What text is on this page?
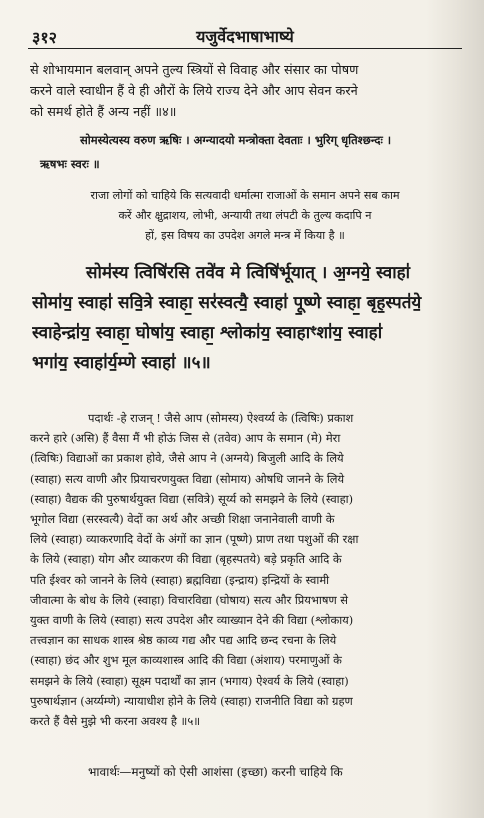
३१२	यजुर्वेदभाषाभाष्ये
से शोभायमान बलवान् अपने तुल्य स्त्रियों से विवाह और संसार का पोषण
करने वाले स्वाधीन हैं वे ही औरों के लिये राज्य देने और आप सेवन करने
को समर्थ होते हैं अन्य नहीं ॥४॥
सोमस्येत्यस्य वरुण ऋषिः । अग्न्यादयो मन्त्रोक्ता देवताः । भुरिग् धृतिश्छन्दः ।
ऋषभः स्वरः ॥
राजा लोगों को चाहिये कि सत्यवादी धर्मात्मा राजाओं के समान अपने सब काम
करें और क्षुद्राशय, लोभी, अन्यायी तथा लंपटी के तुल्य कदापि न
हों, इस विषय का उपदेश अगले मन्त्र में किया है ॥
सोम॑स्य त्विषि॑रसि तवे॑व मे त्विषि॑र्भूयात् । अ॒ग्नये॒ स्वाहा॑
सोमा॑य॒ स्वाहा॑ सवि॒त्रे स्वाहा॒ सर॑स्वत्यै॒ स्वाहा॑ पू॒ष्णे स्वाहा॒ बृह॒स्पत॑ये॒
स्वाहेन्द्रा॑य॒ स्वाहा॒ घोषा॑य॒ स्वाहा॒ श्लोका॑य॒ स्वाहाꣳशा॑य॒ स्वाहा॑
भगा॑य॒ स्वाहा॑र्य॒म्णे स्वाहा॑ ॥५॥
पदार्थः -हे राजन् ! जैसे आप (सोमस्य) ऐश्वर्य्य के (त्विषिः) प्रकाश
करने हारे (असि) हैं वैसा मैं भी होऊं जिस से (तवेव) आप के समान (मे) मेरा
(त्विषिः) विद्याओं का प्रकाश होवे, जैसे आप ने (अग्नये) बिजुली आदि के लिये
(स्वाहा) सत्य वाणी और प्रियाचरणयुक्त विद्या (सोमाय) ओषधि जानने के लिये
(स्वाहा) वैद्यक की पुरुषार्थयुक्त विद्या (सवित्रे) सूर्य्य को समझने के लिये (स्वाहा)
भूगोल विद्या (सरस्वत्यै) वेदों का अर्थ और अच्छी शिक्षा जनानेवाली वाणी के
लिये (स्वाहा) व्याकरणादि वेदों के अंगों का ज्ञान (पूष्णे) प्राण तथा पशुओं की रक्षा
के लिये (स्वाहा) योग और व्याकरण की विद्या (बृहस्पतये) बड़े प्रकृति आदि के
पति ईश्वर को जानने के लिये (स्वाहा) ब्रह्मविद्या (इन्द्राय) इन्द्रियों के स्वामी
जीवात्मा के बोध के लिये (स्वाहा) विचारविद्या (घोषाय) सत्य और प्रियभाषण से
युक्त वाणी के लिये (स्वाहा) सत्य उपदेश और व्याख्यान देने की विद्या (श्लोकाय)
तत्त्वज्ञान का साधक शास्त्र श्रेष्ठ काव्य गद्य और पद्य आदि छन्द रचना के लिये
(स्वाहा) छंद और शुभ मूल काव्यशास्त्र आदि की विद्या (अंशाय) परमाणुओं के
समझने के लिये (स्वाहा) सूक्ष्म पदार्थों का ज्ञान (भगाय) ऐश्वर्य के लिये (स्वाहा)
पुरुषार्थज्ञान (अर्य्यम्णे) न्यायाधीश होने के लिये (स्वाहा) राजनीति विद्या को ग्रहण
करते हैं वैसे मुझे भी करना अवश्य है ॥५॥
भावार्थः—मनुष्यों को ऐसी आशंसा (इच्छा) करनी चाहिये कि
